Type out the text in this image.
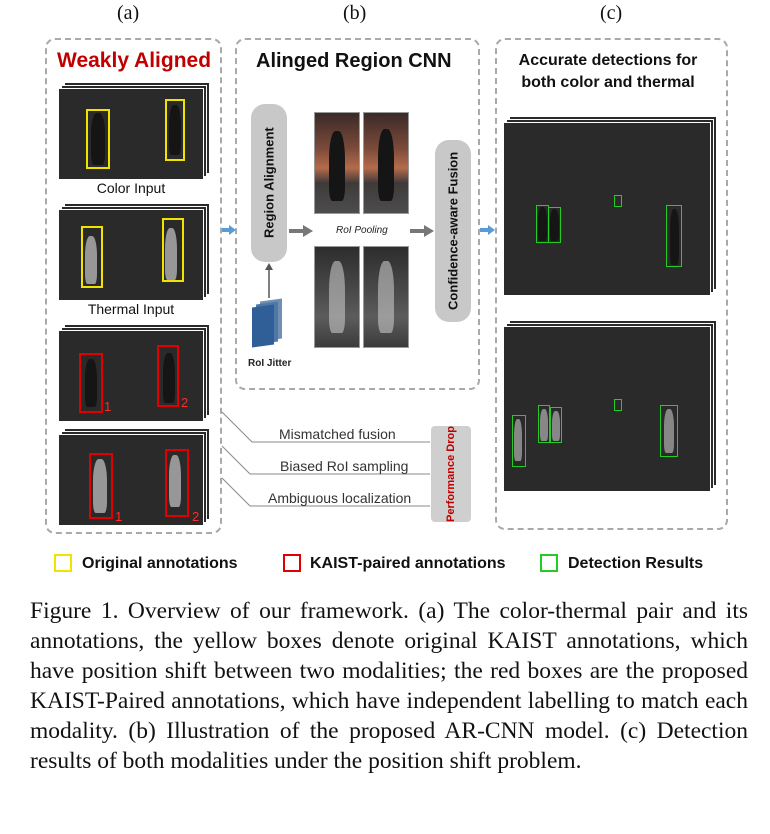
(a)	(b)	(c)
Weakly Aligned
Color Input
Thermal Input
1	2
1	2
Alinged Region CNN
Region Alignment
RoI Jitter
RoI Pooling	Confidence-aware Fusion
Mismatched fusion
Biased RoI sampling
Ambiguous localization	Performance Drop
Accurate detections for both color and thermal
Original annotations	KAIST-paired annotations	Detection Results
Figure 1. Overview of our framework. (a) The color-thermal pair and its annotations, the yellow boxes denote original KAIST annotations, which have position shift between two modalities; the red boxes are the proposed KAIST-Paired annotations, which have independent labelling to match each modality. (b) Illustration of the proposed AR-CNN model. (c) Detection results of both modalities under the position shift problem.
